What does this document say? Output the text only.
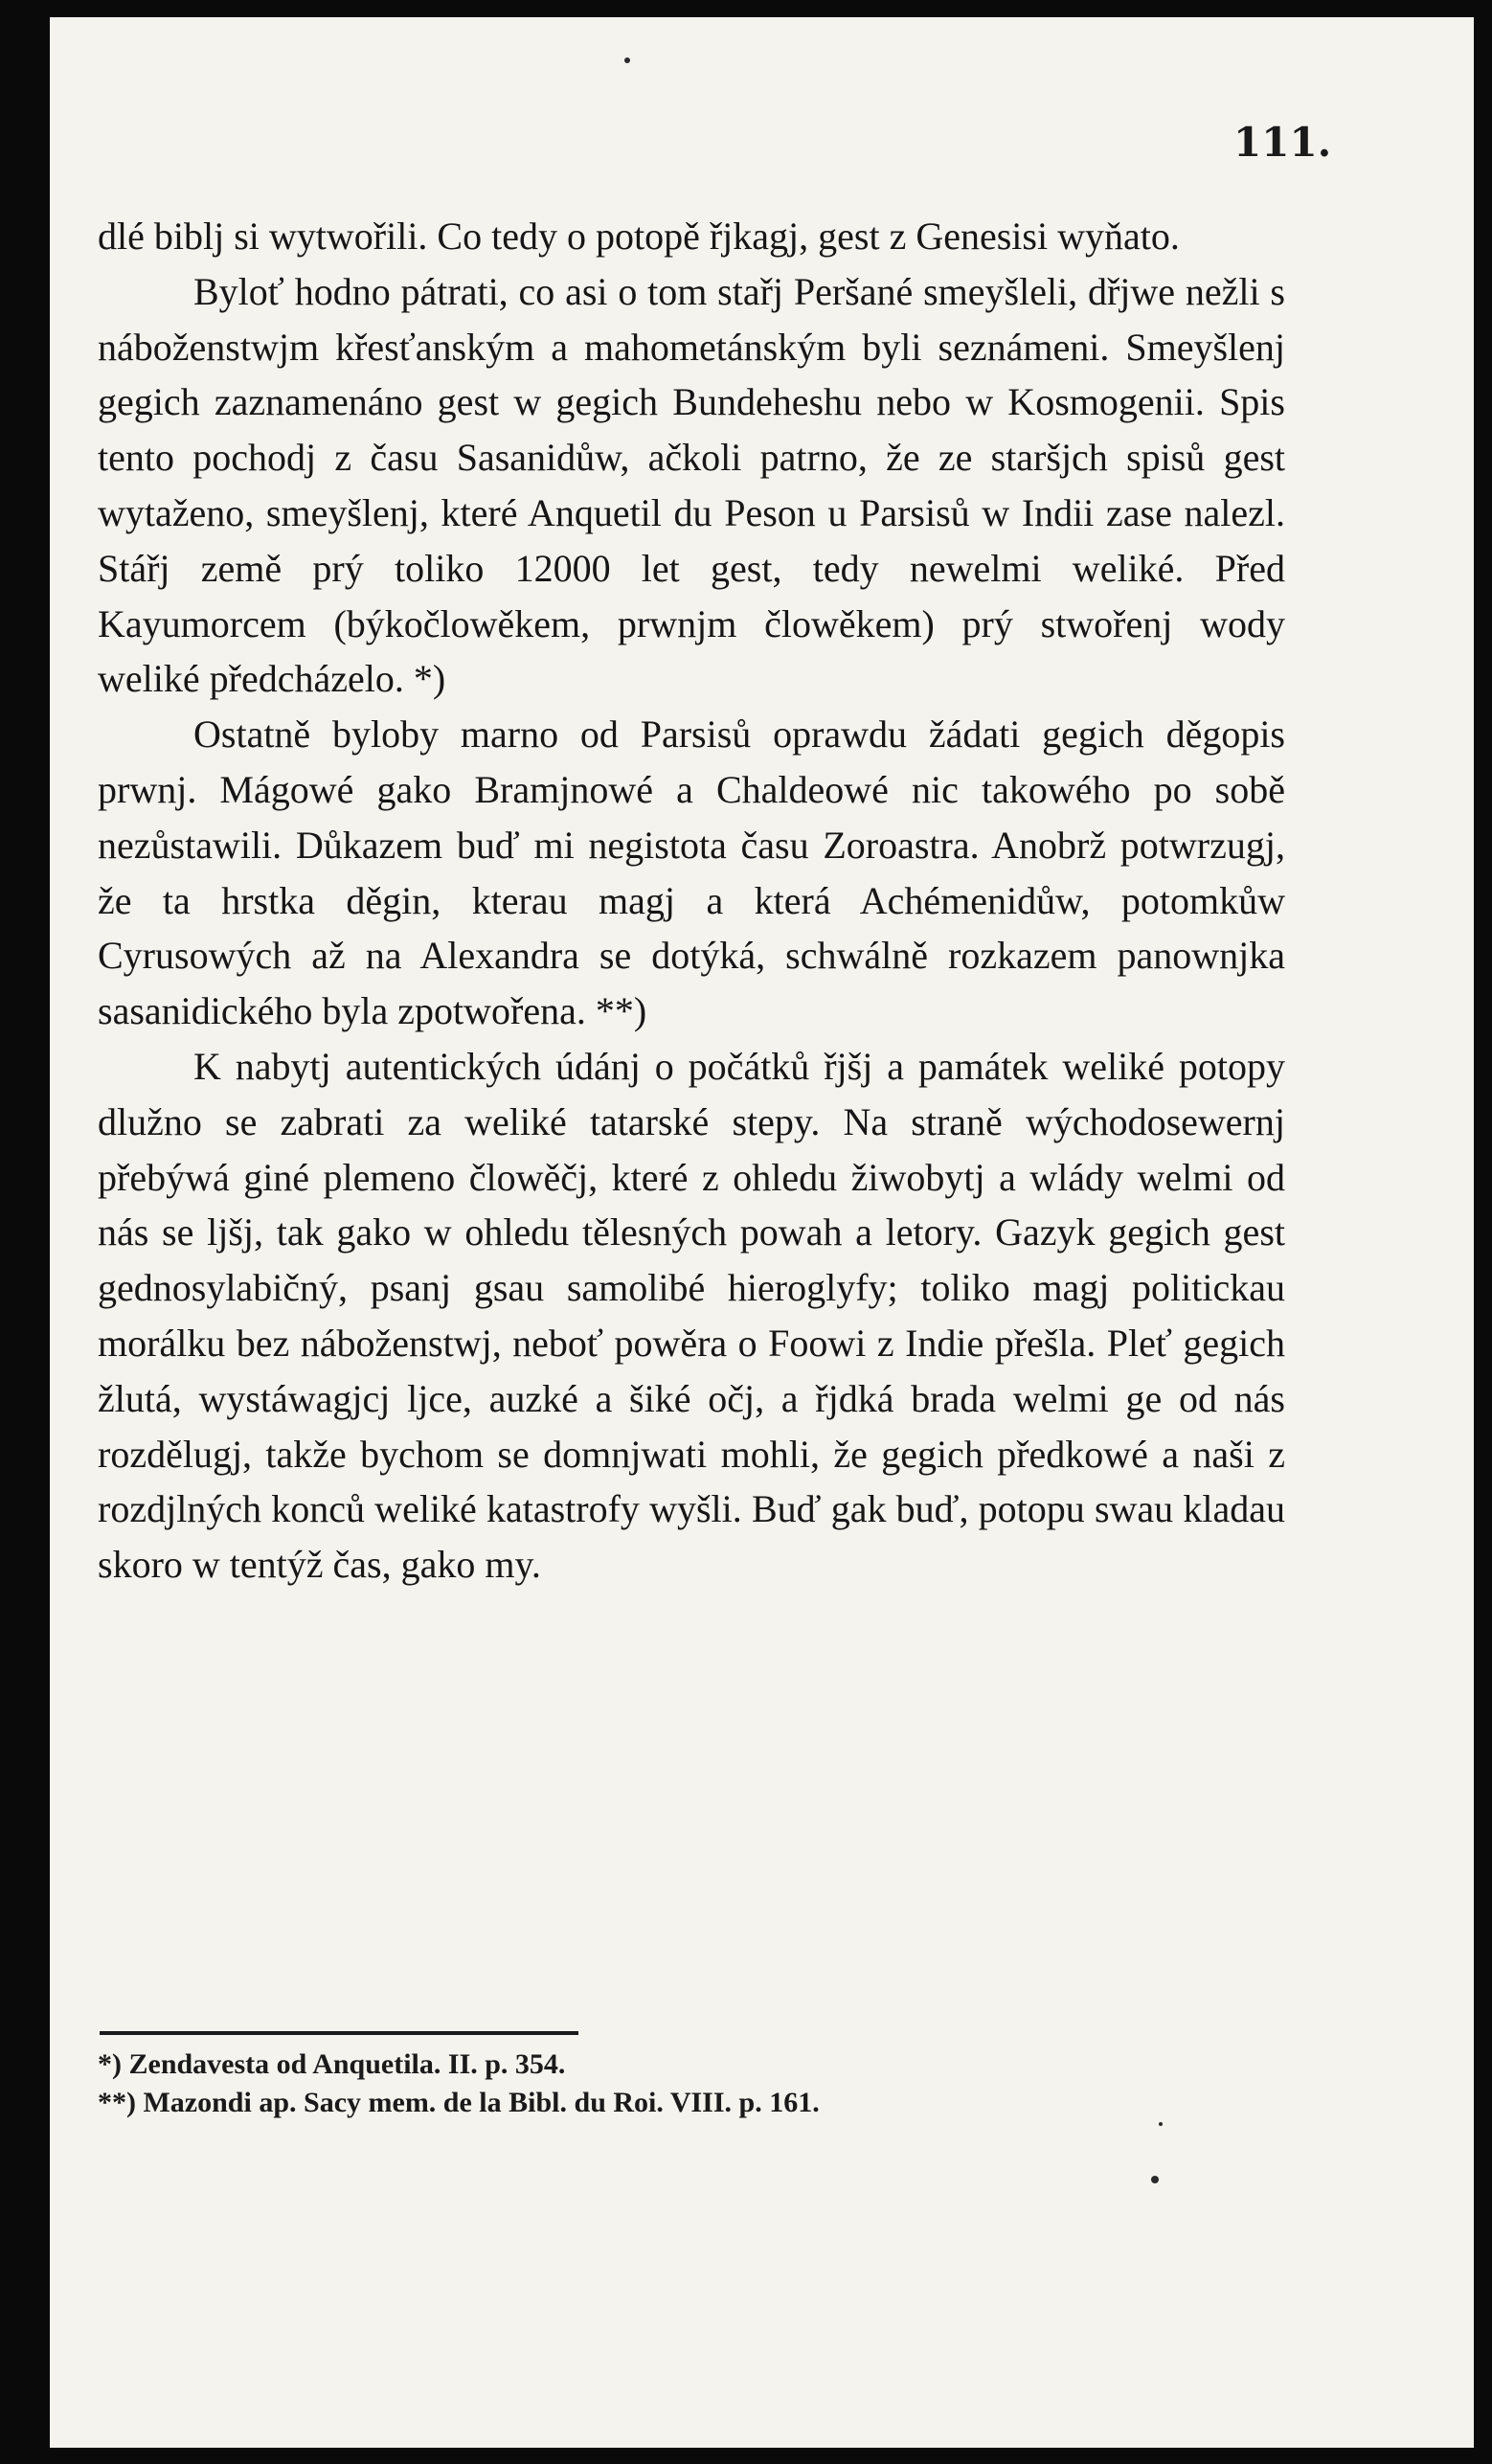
111.

dlé biblj si wytwořili. Co tedy o potopě řjkagj, gest z Genesisi wyňato.

Byloť hodno pátrati, co asi o tom stařj Peršané smeyšleli, dřjwe nežli s náboženstwjm křesťanským a mahometánským byli seznámeni. Smeyšlenj gegich zaznamenáno gest w gegich Bundeheshu nebo w Kosmogenii. Spis tento pochodj z času Sasanidůw, ačkoli patrno, že ze staršjch spisů gest wytaženo, smeyšlenj, které Anquetil du Peson u Parsisů w Indii zase nalezl. Stářj země prý toliko 12000 let gest, tedy newelmi weliké. Před Kayumorcem (býkočlowěkem, prwnjm člowěkem) prý stwořenj wody weliké předcházelo. *)

Ostatně byloby marno od Parsisů oprawdu žádati gegich děgopis prwnj. Mágowé gako Bramjnowé a Chaldeowé nic takowého po sobě nezůstawili. Důkazem buď mi negistota času Zoroastra. Anobrž potwrzugj, že ta hrstka děgin, kterau magj a která Achémenidůw, potomkůw Cyrusowých až na Alexandra se dotýká, schwálně rozkazem panownjka sasanidického byla zpotwořena. **)

K nabytj autentických údánj o počátků řjšj a památek weliké potopy dlužno se zabrati za weliké tatarské stepy. Na straně wýchodosewernj přebýwá giné plemeno člowěčj, které z ohledu žiwobytj a wlády welmi od nás se ljšj, tak gako w ohledu tělesných powah a letory. Gazyk gegich gest gednosylabičný, psanj gsau samolibé hieroglyfy; toliko magj politickau morálku bez náboženstwj, neboť powěra o Foowi z Indie přešla. Pleť gegich žlutá, wystáwagjcj ljce, auzké a šiké očj, a řjdká brada welmi ge od nás rozdělugj, takže bychom se domnjwati mohli, že gegich předkowé a naši z rozdjlných konců weliké katastrofy wyšli. Buď gak buď, potopu swau kladau skoro w tentýž čas, gako my.

*) Zendavesta od Anquetila. II. p. 354.

**) Mazondi ap. Sacy mem. de la Bibl. du Roi. VIII. p. 161.
